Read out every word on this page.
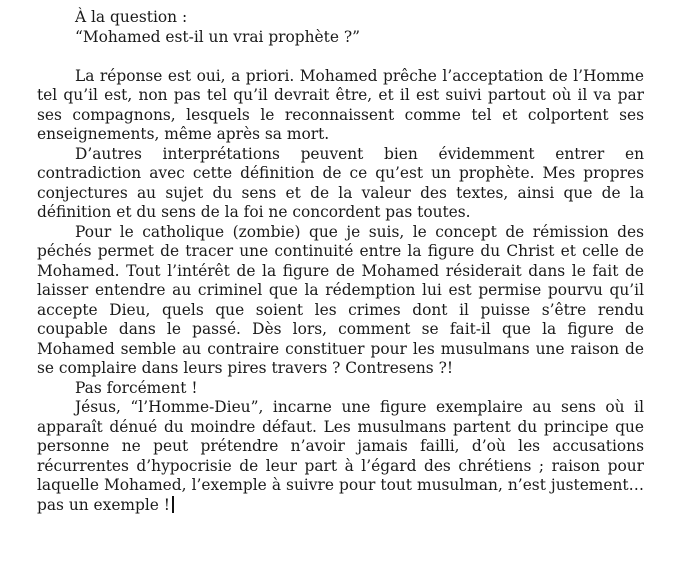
À la question :
“Mohamed est-il un vrai prophète ?”

La réponse est oui, a priori. Mohamed prêche l’acceptation de l’Homme tel qu’il est, non pas tel qu’il devrait être, et il est suivi partout où il va par ses compagnons, lesquels le reconnaissent comme tel et colportent ses enseignements, même après sa mort.

D’autres interprétations peuvent bien évidemment entrer en contradiction avec cette définition de ce qu’est un prophète. Mes propres conjectures au sujet du sens et de la valeur des textes, ainsi que de la définition et du sens de la foi ne concordent pas toutes.

Pour le catholique (zombie) que je suis, le concept de rémission des péchés permet de tracer une continuité entre la figure du Christ et celle de Mohamed. Tout l’intérêt de la figure de Mohamed résiderait dans le fait de laisser entendre au criminel que la rédemption lui est permise pourvu qu’il accepte Dieu, quels que soient les crimes dont il puisse s’être rendu coupable dans le passé. Dès lors, comment se fait-il que la figure de Mohamed semble au contraire constituer pour les musulmans une raison de se complaire dans leurs pires travers ? Contresens ?!

Pas forcément !

Jésus, “l’Homme-Dieu”, incarne une figure exemplaire au sens où il apparaît dénué du moindre défaut. Les musulmans partent du principe que personne ne peut prétendre n’avoir jamais failli, d’où les accusations récurrentes d’hypocrisie de leur part à l’égard des chrétiens ; raison pour laquelle Mohamed, l’exemple à suivre pour tout musulman, n’est justement… pas un exemple !
